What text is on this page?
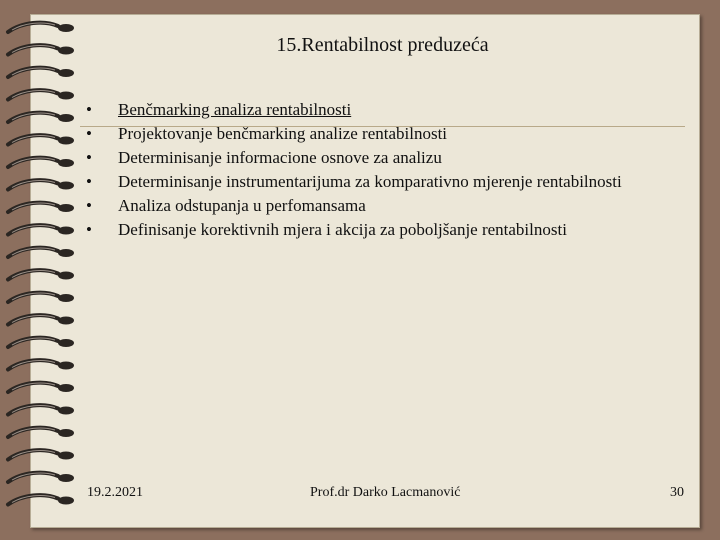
15.Rentabilnost preduzeća
•	Benčmarking analiza rentabilnosti
•	Projektovanje benčmarking analize rentabilnosti
•	Determinisanje informacione osnove za analizu
•	Determinisanje instrumentarijuma za komparativno mjerenje rentabilnosti
•	Analiza odstupanja u perfomansama
•	Definisanje korektivnih mjera i akcija za poboljšanje rentabilnosti
19.2.2021	Prof.dr Darko Lacmanović	30
